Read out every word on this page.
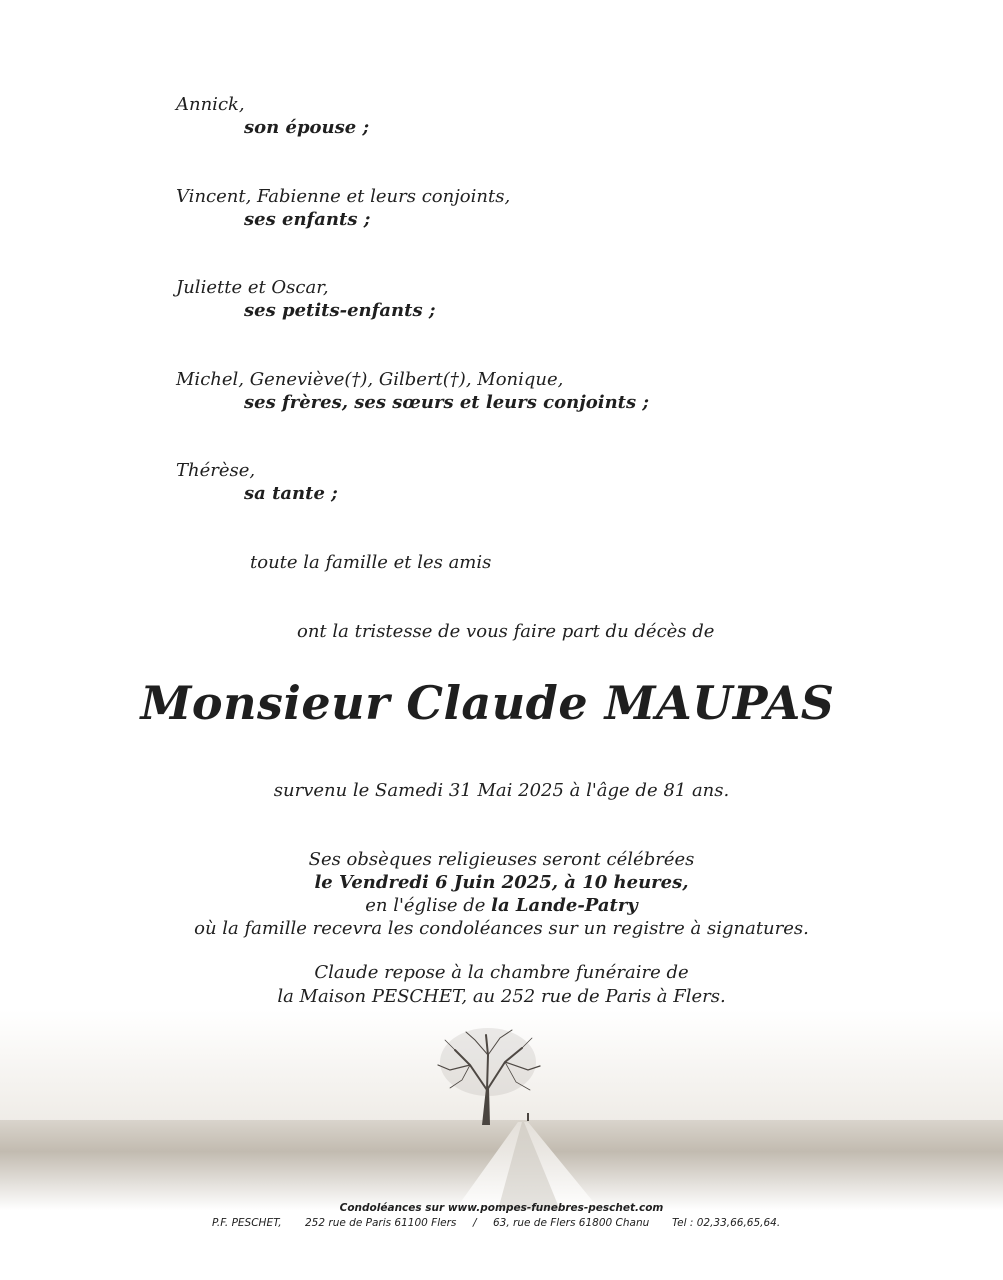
Annick,
son épouse ;
Vincent, Fabienne et leurs conjoints,
ses enfants ;
Juliette et Oscar,
ses petits-enfants ;
Michel, Geneviève(†), Gilbert(†), Monique,
ses frères, ses sœurs et leurs conjoints ;
Thérèse,
sa tante ;
toute la famille et les amis
ont la tristesse de vous faire part du décès de
Monsieur Claude MAUPAS
survenu le Samedi 31 Mai 2025 à l'âge de 81 ans.
Ses obsèques religieuses seront célébrées
le Vendredi 6 Juin 2025, à 10 heures,
en l'église de la Lande-Patry
où la famille recevra les condoléances sur un registre à signatures.
Claude repose à la chambre funéraire de
la Maison PESCHET, au 252 rue de Paris à Flers.
Condoléances sur www.pompes-funebres-peschet.com
P.F. PESCHET, 252 rue de Paris 61100 Flers / 63, rue de Flers 61800 Chanu Tel : 02,33,66,65,64.
